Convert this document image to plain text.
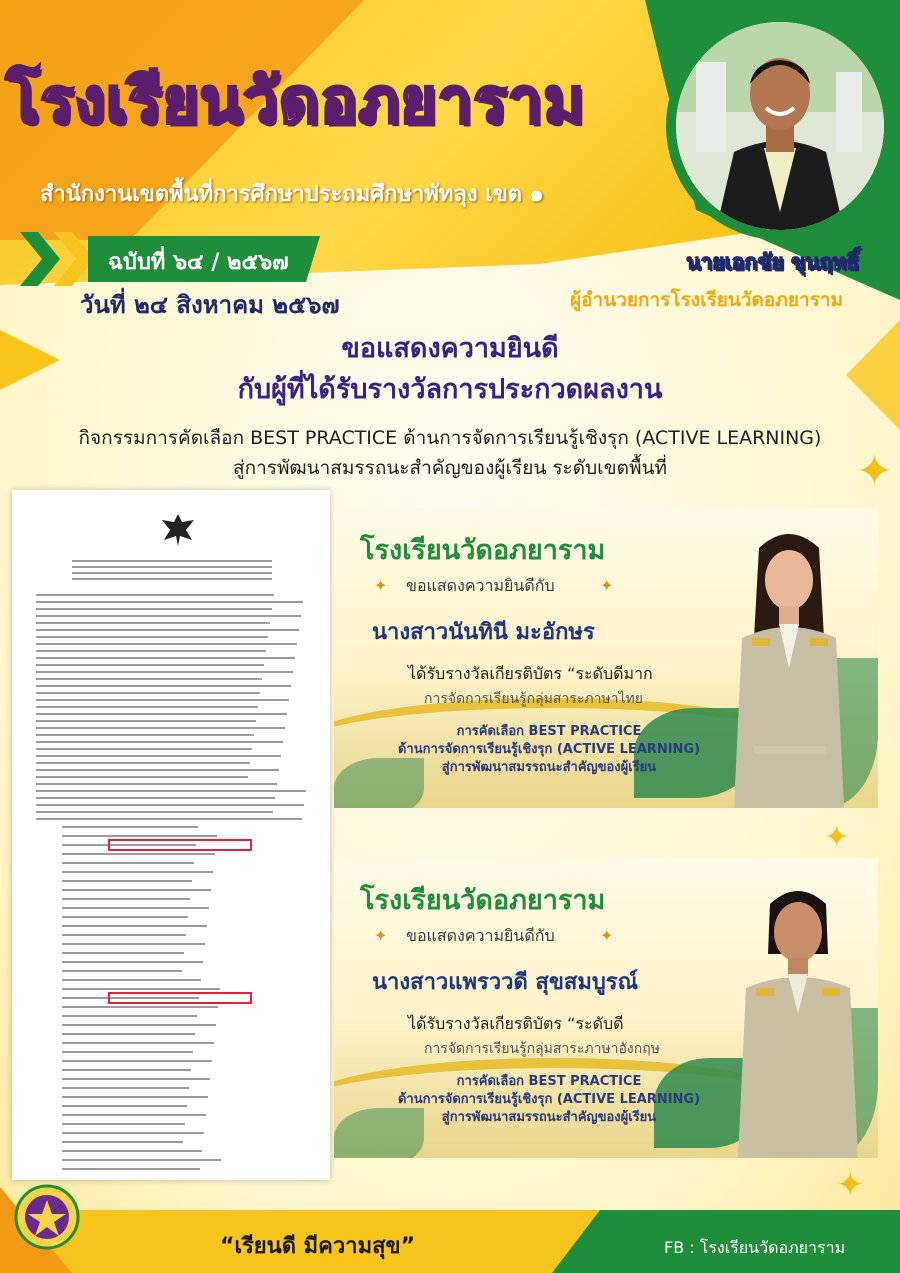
โรงเรียนวัดอภยาราม
สำนักงานเขตพื้นที่การศึกษาประถมศึกษาพัทลุง เขต ๑
ฉบับที่ ๖๔ / ๒๕๖๗
วันที่ ๒๔ สิงหาคม ๒๕๖๗
นายเอกชัย ขุนฤทธิ์
ผู้อำนวยการโรงเรียนวัดอภยาราม
✦
✦
✦
ขอแสดงความยินดี
กับผู้ที่ได้รับรางวัลการประกวดผลงาน
กิจกรรมการคัดเลือก BEST PRACTICE ด้านการจัดการเรียนรู้เชิงรุก (ACTIVE LEARNING)
สู่การพัฒนาสมรรถนะสำคัญของผู้เรียน ระดับเขตพื้นที่
โรงเรียนวัดอภยาราม
✦	✦
ขอแสดงความยินดีกับ
นางสาวนันทินี มะอักษร
ได้รับรางวัลเกียรติบัตร “ระดับดีมาก
การจัดการเรียนรู้กลุ่มสาระภาษาไทย
การคัดเลือก BEST PRACTICE
ด้านการจัดการเรียนรู้เชิงรุก (ACTIVE LEARNING)
สู่การพัฒนาสมรรถนะสำคัญของผู้เรียน
โรงเรียนวัดอภยาราม
✦	✦
ขอแสดงความยินดีกับ
นางสาวแพรววดี สุขสมบูรณ์
ได้รับรางวัลเกียรติบัตร “ระดับดี
การจัดการเรียนรู้กลุ่มสาระภาษาอังกฤษ
การคัดเลือก BEST PRACTICE
ด้านการจัดการเรียนรู้เชิงรุก (ACTIVE LEARNING)
สู่การพัฒนาสมรรถนะสำคัญของผู้เรียน
“เรียนดี มีความสุข”	FB : โรงเรียนวัดอภยาราม
